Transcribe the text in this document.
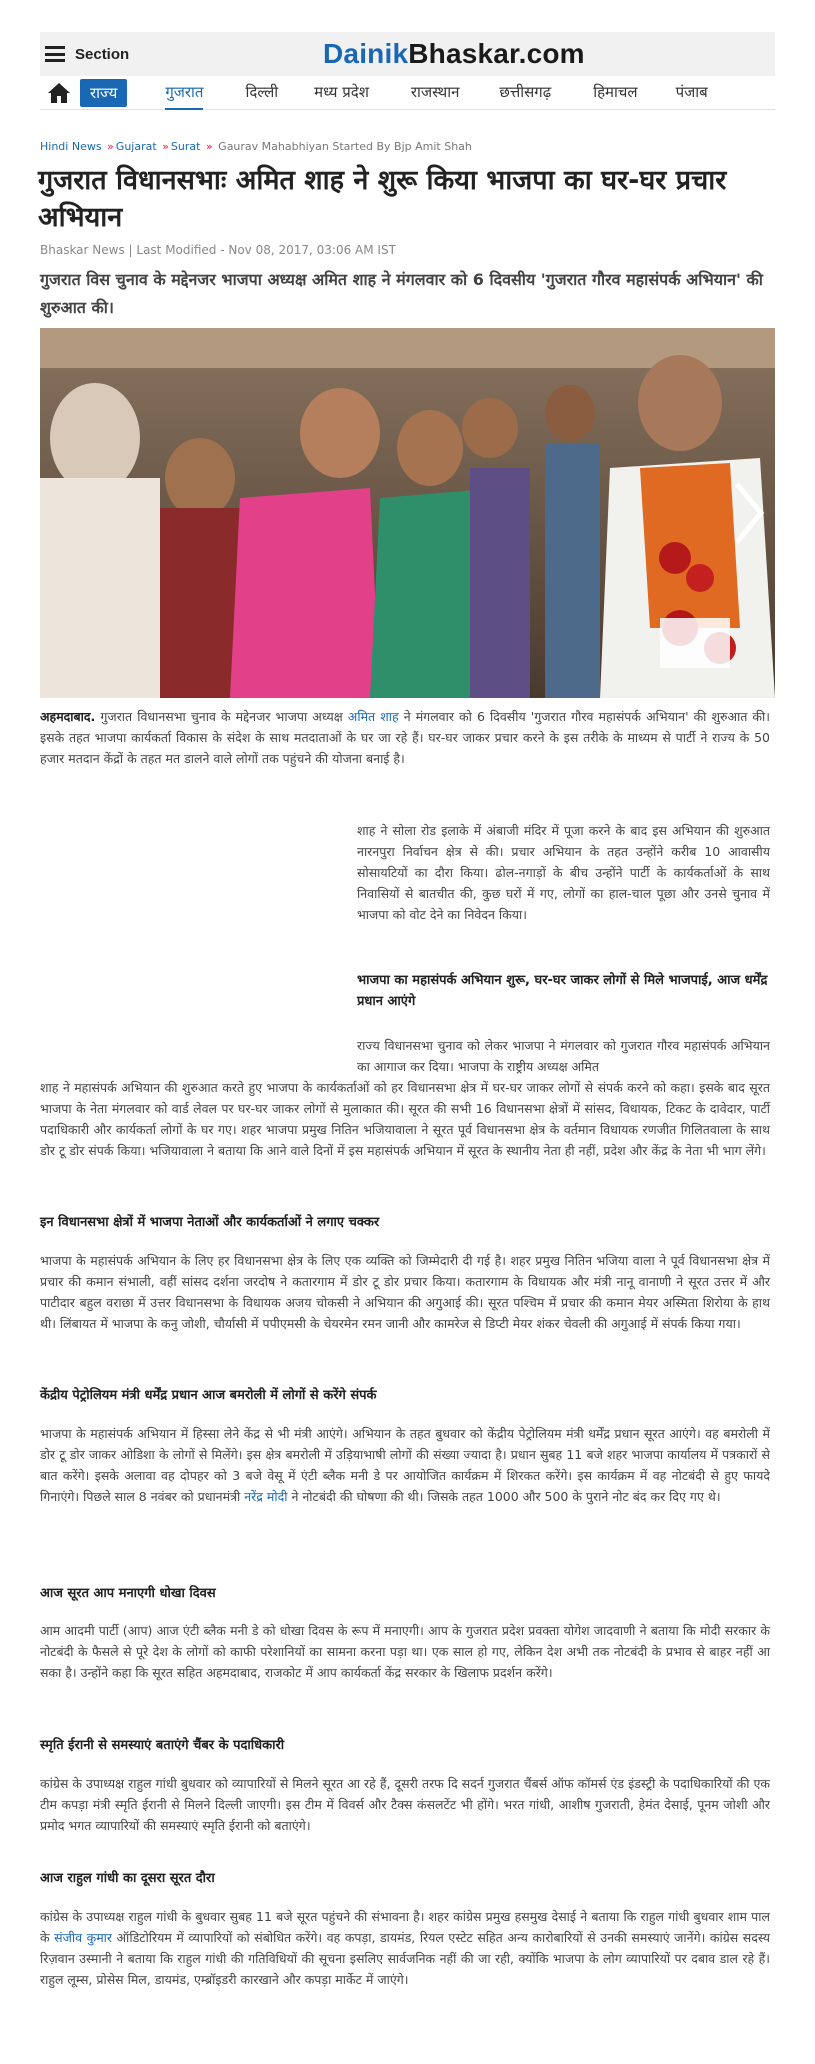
Section	DainikBhaskar.com
राज्य	गुजरात	दिल्ली मध्य प्रदेश	राजस्थान	छत्तीसगढ़	हिमाचल	पंजाब
Hindi News » Gujarat » Surat » Gaurav Mahabhiyan Started By Bjp Amit Shah
गुजरात विधानसभाः अमित शाह ने शुरू किया भाजपा का घर-घर प्रचार अभियान
Bhaskar News | Last Modified - Nov 08, 2017, 03:06 AM IST
गुजरात विस चुनाव के मद्देनजर भाजपा अध्यक्ष अमित शाह ने मंगलवार को 6 दिवसीय 'गुजरात गौरव महासंपर्क अभियान' की शुरुआत की।

अहमदाबाद. गुजरात विधानसभा चुनाव के मद्देनजर भाजपा अध्यक्ष अमित शाह ने मंगलवार को 6 दिवसीय 'गुजरात गौरव महासंपर्क अभियान' की शुरुआत की। इसके तहत भाजपा कार्यकर्ता विकास के संदेश के साथ मतदाताओं के घर जा रहे हैं। घर-घर जाकर प्रचार करने के इस तरीके के माध्यम से पार्टी ने राज्य के 50 हजार मतदान केंद्रों के तहत मत डालने वाले लोगों तक पहुंचने की योजना बनाई है।

शाह ने सोला रोड इलाके में अंबाजी मंदिर में पूजा करने के बाद इस अभियान की शुरुआत नारनपुरा निर्वाचन क्षेत्र से की। प्रचार अभियान के तहत उन्होंने करीब 10 आवासीय सोसायटियों का दौरा किया। ढोल-नगाड़ों के बीच उन्होंने पार्टी के कार्यकर्ताओं के साथ निवासियों से बातचीत की, कुछ घरों में गए, लोगों का हाल-चाल पूछा और उनसे चुनाव में भाजपा को वोट देने का निवेदन किया।

भाजपा का महासंपर्क अभियान शुरू, घर-घर जाकर लोगों से मिले भाजपाई, आज धर्मेंद्र प्रधान आएंगे

राज्य विधानसभा चुनाव को लेकर भाजपा ने मंगलवार को गुजरात गौरव महासंपर्क अभियान का आगाज कर दिया। भाजपा के राष्ट्रीय अध्यक्ष अमित

शाह ने महासंपर्क अभियान की शुरुआत करते हुए भाजपा के कार्यकर्ताओं को हर विधानसभा क्षेत्र में घर-घर जाकर लोगों से संपर्क करने को कहा। इसके बाद सूरत भाजपा के नेता मंगलवार को वार्ड लेवल पर घर-घर जाकर लोगों से मुलाकात की। सूरत की सभी 16 विधानसभा क्षेत्रों में सांसद, विधायक, टिकट के दावेदार, पार्टी पदाधिकारी और कार्यकर्ता लोगों के घर गए। शहर भाजपा प्रमुख नितिन भजियावाला ने सूरत पूर्व विधानसभा क्षेत्र के वर्तमान विधायक रणजीत गिलितवाला के साथ डोर टू डोर संपर्क किया। भजियावाला ने बताया कि आने वाले दिनों में इस महासंपर्क अभियान में सूरत के स्थानीय नेता ही नहीं, प्रदेश और केंद्र के नेता भी भाग लेंगे।

इन विधानसभा क्षेत्रों में भाजपा नेताओं और कार्यकर्ताओं ने लगाए चक्कर

भाजपा के महासंपर्क अभियान के लिए हर विधानसभा क्षेत्र के लिए एक व्यक्ति को जिम्मेदारी दी गई है। शहर प्रमुख नितिन भजिया वाला ने पूर्व विधानसभा क्षेत्र में प्रचार की कमान संभाली, वहीं सांसद दर्शना जरदोष ने कतारगाम में डोर टू डोर प्रचार किया। कतारगाम के विधायक और मंत्री नानू वानाणी ने सूरत उत्तर में और पाटीदार बहुल वराछा में उत्तर विधानसभा के विधायक अजय चोकसी ने अभियान की अगुआई की। सूरत पश्चिम में प्रचार की कमान मेयर अस्मिता शिरोया के हाथ थी। लिंबायत में भाजपा के कनु जोशी, चौर्यासी में पपीएमसी के चेयरमेन रमन जानी और कामरेज से डिप्टी मेयर शंकर चेवली की अगुआई में संपर्क किया गया।

केंद्रीय पेट्रोलियम मंत्री धर्मेंद्र प्रधान आज बमरोली में लोगों से करेंगे संपर्क

भाजपा के महासंपर्क अभियान में हिस्सा लेने केंद्र से भी मंत्री आएंगे। अभियान के तहत बुधवार को केंद्रीय पेट्रोलियम मंत्री धर्मेंद्र प्रधान सूरत आएंगे। वह बमरोली में डोर टू डोर जाकर ओडिशा के लोगों से मिलेंगे। इस क्षेत्र बमरोली में उड़ियाभाषी लोगों की संख्या ज्यादा है। प्रधान सुबह 11 बजे शहर भाजपा कार्यालय में पत्रकारों से बात करेंगे। इसके अलावा वह दोपहर को 3 बजे वेसू में एंटी ब्लैक मनी डे पर आयोजित कार्यक्रम में शिरकत करेंगे। इस कार्यक्रम में वह नोटबंदी से हुए फायदे गिनाएंगे। पिछले साल 8 नवंबर को प्रधानमंत्री नरेंद्र मोदी ने नोटबंदी की घोषणा की थी। जिसके तहत 1000 और 500 के पुराने नोट बंद कर दिए गए थे।

आज सूरत आप मनाएगी धोखा दिवस

आम आदमी पार्टी (आप) आज एंटी ब्लैक मनी डे को धोखा दिवस के रूप में मनाएगी। आप के गुजरात प्रदेश प्रवक्ता योगेश जादवाणी ने बताया कि मोदी सरकार के नोटबंदी के फैसले से पूरे देश के लोगों को काफी परेशानियों का सामना करना पड़ा था। एक साल हो गए, लेकिन देश अभी तक नोटबंदी के प्रभाव से बाहर नहीं आ सका है। उन्होंने कहा कि सूरत सहित अहमदाबाद, राजकोट में आप कार्यकर्ता केंद्र सरकार के खिलाफ प्रदर्शन करेंगे।

स्मृति ईरानी से समस्याएं बताएंगे चैंबर के पदाधिकारी

कांग्रेस के उपाध्यक्ष राहुल गांधी बुधवार को व्यापारियों से मिलने सूरत आ रहे हैं, दूसरी तरफ दि सदर्न गुजरात चैंबर्स ऑफ कॉमर्स एंड इंडस्ट्री के पदाधिकारियों की एक टीम कपड़ा मंत्री स्मृति ईरानी से मिलने दिल्ली जाएगी। इस टीम में विवर्स और टैक्स कंसलटेंट भी होंगे। भरत गांधी, आशीष गुजराती, हेमंत देसाई, पूनम जोशी और प्रमोद भगत व्यापारियों की समस्याएं स्मृति ईरानी को बताएंगे।

आज राहुल गांधी का दूसरा सूरत दौरा

कांग्रेस के उपाध्यक्ष राहुल गांधी के बुधवार सुबह 11 बजे सूरत पहुंचने की संभावना है। शहर कांग्रेस प्रमुख हसमुख देसाई ने बताया कि राहुल गांधी बुधवार शाम पाल के संजीव कुमार ऑडिटोरियम में व्यापारियों को संबोधित करेंगे। वह कपड़ा, डायमंड, रियल एस्टेट सहित अन्य कारोबारियों से उनकी समस्याएं जानेंगे। कांग्रेस सदस्य रिज़वान उस्मानी ने बताया कि राहुल गांधी की गतिविधियों की सूचना इसलिए सार्वजनिक नहीं की जा रही, क्योंकि भाजपा के लोग व्यापारियों पर दबाव डाल रहे हैं। राहुल लूम्स, प्रोसेस मिल, डायमंड, एम्ब्रॉइडरी कारखाने और कपड़ा मार्केट में जाएंगे।
